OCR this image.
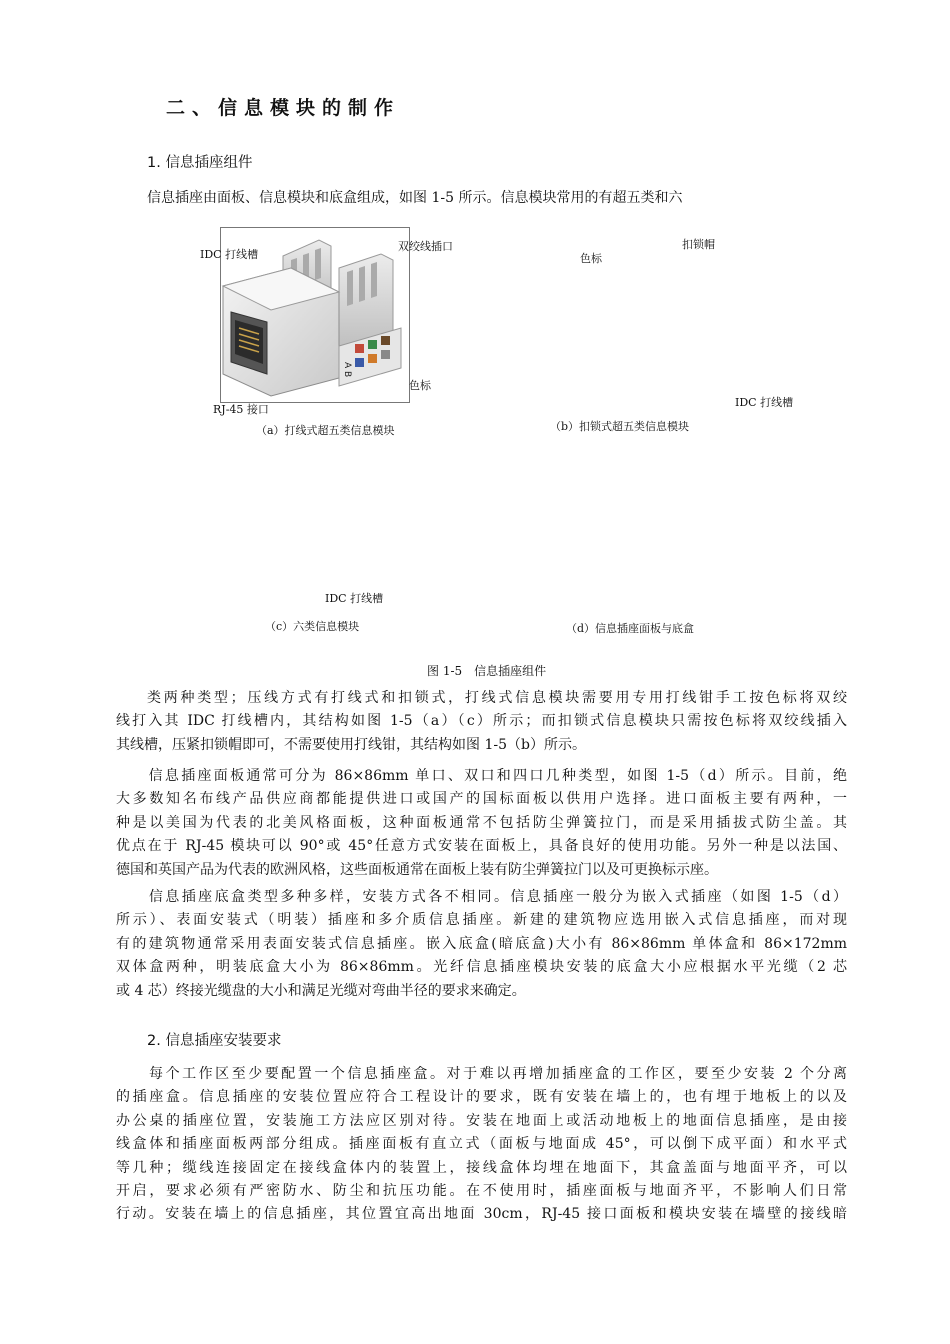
二、信息模块的制作
1. 信息插座组件
信息插座由面板、信息模块和底盒组成，如图 1-5 所示。信息模块常用的有超五类和六
A B
IDC 打线槽
双绞线插口
色标
RJ-45 接口
扣锁帽
色标
IDC 打线槽
IDC 打线槽
（a）打线式超五类信息模块	（b）扣锁式超五类信息模块
（c）六类信息模块	（d）信息插座面板与底盒
图 1-5　信息插座组件
类两种类型；压线方式有打线式和扣锁式，打线式信息模块需要用专用打线钳手工按色标将双绞
线打入其 IDC 打线槽内，其结构如图 1-5（a）（c）所示；而扣锁式信息模块只需按色标将双绞线插入
其线槽，压紧扣锁帽即可，不需要使用打线钳，其结构如图 1-5（b）所示。
　　信息插座面板通常可分为 86×86mm 单口、双口和四口几种类型，如图 1-5（d）所示。目前，绝
大多数知名布线产品供应商都能提供进口或国产的国标面板以供用户选择。进口面板主要有两种，一
种是以美国为代表的北美风格面板，这种面板通常不包括防尘弹簧拉门，而是采用插拔式防尘盖。其
优点在于 RJ-45 模块可以 90°或 45°任意方式安装在面板上，具备良好的使用功能。另外一种是以法国、
德国和英国产品为代表的欧洲风格，这些面板通常在面板上装有防尘弹簧拉门以及可更换标示座。
　　信息插座底盒类型多种多样，安装方式各不相同。信息插座一般分为嵌入式插座（如图 1-5（d）
所示）、表面安装式（明装）插座和多介质信息插座。新建的建筑物应选用嵌入式信息插座，而对现
有的建筑物通常采用表面安装式信息插座。嵌入底盒(暗底盒)大小有 86×86mm 单体盒和 86×172mm
双体盒两种，明装底盒大小为 86×86mm。光纤信息插座模块安装的底盒大小应根据水平光缆（2 芯
或 4 芯）终接光缆盘的大小和满足光缆对弯曲半径的要求来确定。
2. 信息插座安装要求
　　每个工作区至少要配置一个信息插座盒。对于难以再增加插座盒的工作区，要至少安装 2 个分离
的插座盒。信息插座的安装位置应符合工程设计的要求，既有安装在墙上的，也有埋于地板上的以及
办公桌的插座位置，安装施工方法应区别对待。安装在地面上或活动地板上的地面信息插座，是由接
线盒体和插座面板两部分组成。插座面板有直立式（面板与地面成 45°，可以倒下成平面）和水平式
等几种；缆线连接固定在接线盒体内的装置上，接线盒体均埋在地面下，其盒盖面与地面平齐，可以
开启，要求必须有严密防水、防尘和抗压功能。在不使用时，插座面板与地面齐平，不影响人们日常
行动。安装在墙上的信息插座，其位置宜高出地面 30cm，RJ-45 接口面板和模块安装在墙壁的接线暗
